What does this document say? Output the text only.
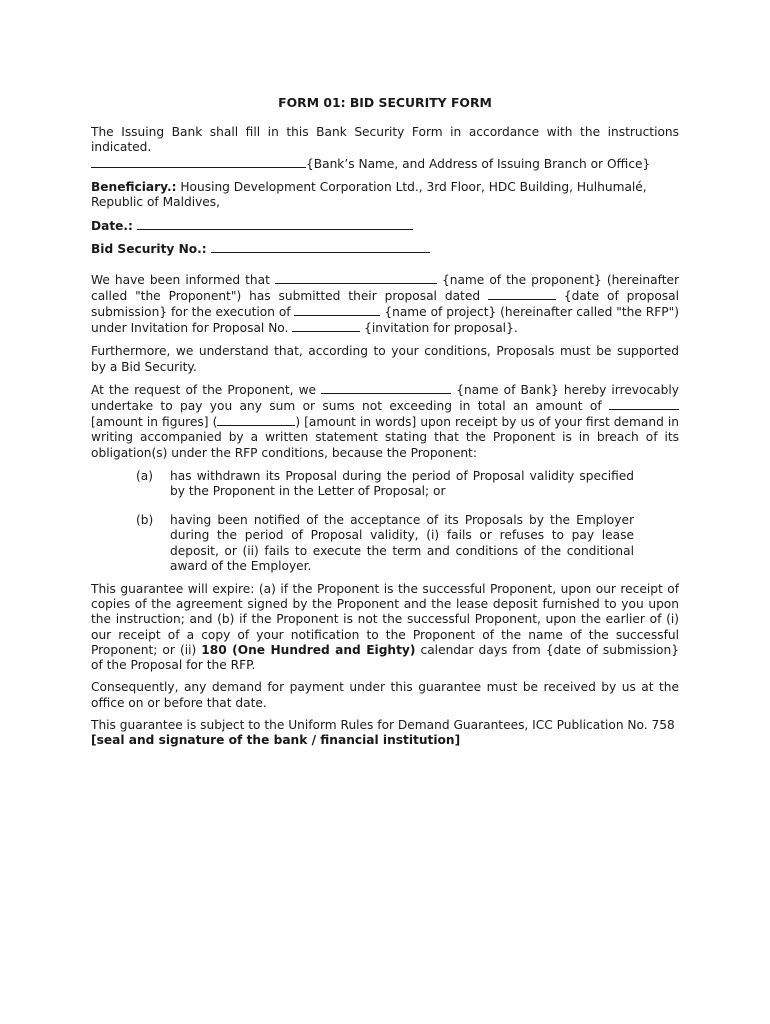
FORM 01: BID SECURITY FORM

The Issuing Bank shall fill in this Bank Security Form in accordance with the instructions indicated.

{Bank’s Name, and Address of Issuing Branch or Office}

Beneficiary.: Housing Development Corporation Ltd., 3rd Floor, HDC Building, Hulhumalé, Republic of Maldives,

Date.:

Bid Security No.:

We have been informed that	{name of the proponent} (hereinafter called "the Proponent") has submitted their proposal dated	{date of proposal submission} for the execution of	{name of project} (hereinafter called "the RFP") under Invitation for Proposal No.	{invitation for proposal}.

Furthermore, we understand that, according to your conditions, Proposals must be supported by a Bid Security.

At the request of the Proponent, we	{name of Bank} hereby irrevocably undertake to pay you any sum or sums not exceeding in total an amount of  [amount in figures] (	) [amount in words] upon receipt by us of your first demand in writing accompanied by a written statement stating that the Proponent is in breach of its obligation(s) under the RFP conditions, because the Proponent:

(a)	has withdrawn its Proposal during the period of Proposal validity specified by the Proponent in the Letter of Proposal; or
(b)	having been notified of the acceptance of its Proposals by the Employer during the period of Proposal validity, (i) fails or refuses to pay lease deposit, or (ii) fails to execute the term and conditions of the conditional award of the Employer.

This guarantee will expire: (a) if the Proponent is the successful Proponent, upon our receipt of copies of the agreement signed by the Proponent and the lease deposit furnished to you upon the instruction; and (b) if the Proponent is not the successful Proponent, upon the earlier of (i) our receipt of a copy of your notification to the Proponent of the name of the successful Proponent; or (ii) 180 (One Hundred and Eighty) calendar days from {date of submission} of the Proposal for the RFP.

Consequently, any demand for payment under this guarantee must be received by us at the office on or before that date.

This guarantee is subject to the Uniform Rules for Demand Guarantees, ICC Publication No. 758

[seal and signature of the bank / financial institution]
